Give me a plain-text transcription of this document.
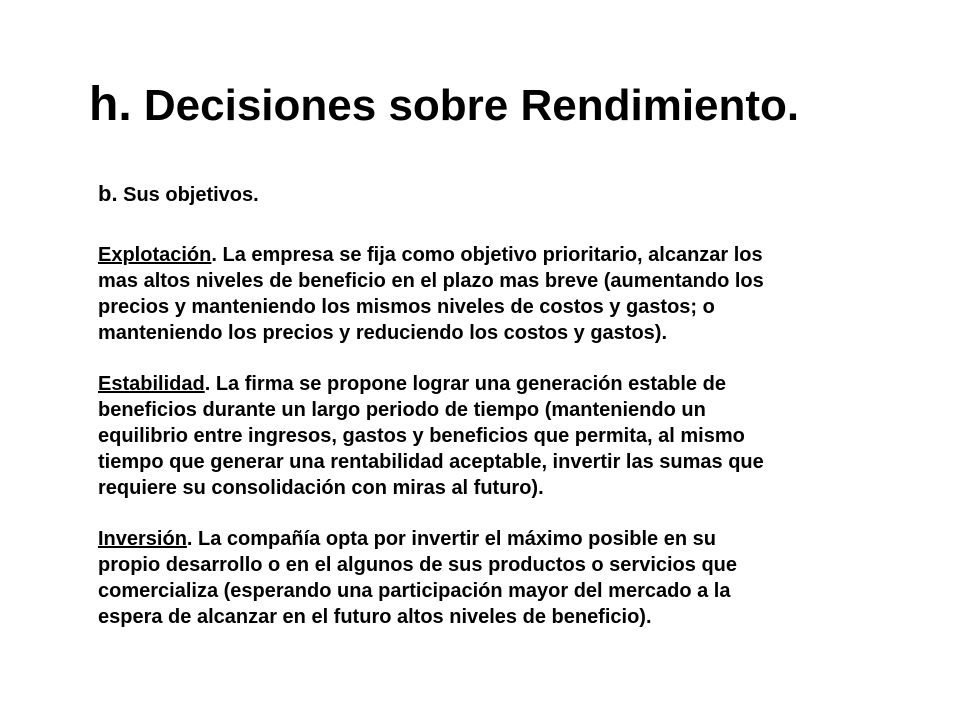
h. Decisiones sobre Rendimiento.

b. Sus objetivos.

Explotación. La empresa se fija como objetivo prioritario, alcanzar los
mas altos niveles de beneficio en el plazo mas breve (aumentando los
precios y manteniendo los mismos niveles de costos y gastos; o
manteniendo los precios y reduciendo los costos y gastos).

Estabilidad. La firma se propone lograr una generación estable de
beneficios durante un largo periodo de tiempo (manteniendo un
equilibrio entre ingresos, gastos y beneficios que permita, al mismo
tiempo que generar una rentabilidad aceptable, invertir las sumas que
requiere su consolidación con miras al futuro).

Inversión. La compañía opta por invertir el máximo posible en su
propio desarrollo o en el algunos de sus productos o servicios que
comercializa (esperando una participación mayor del mercado a la
espera de alcanzar en el futuro altos niveles de beneficio).
